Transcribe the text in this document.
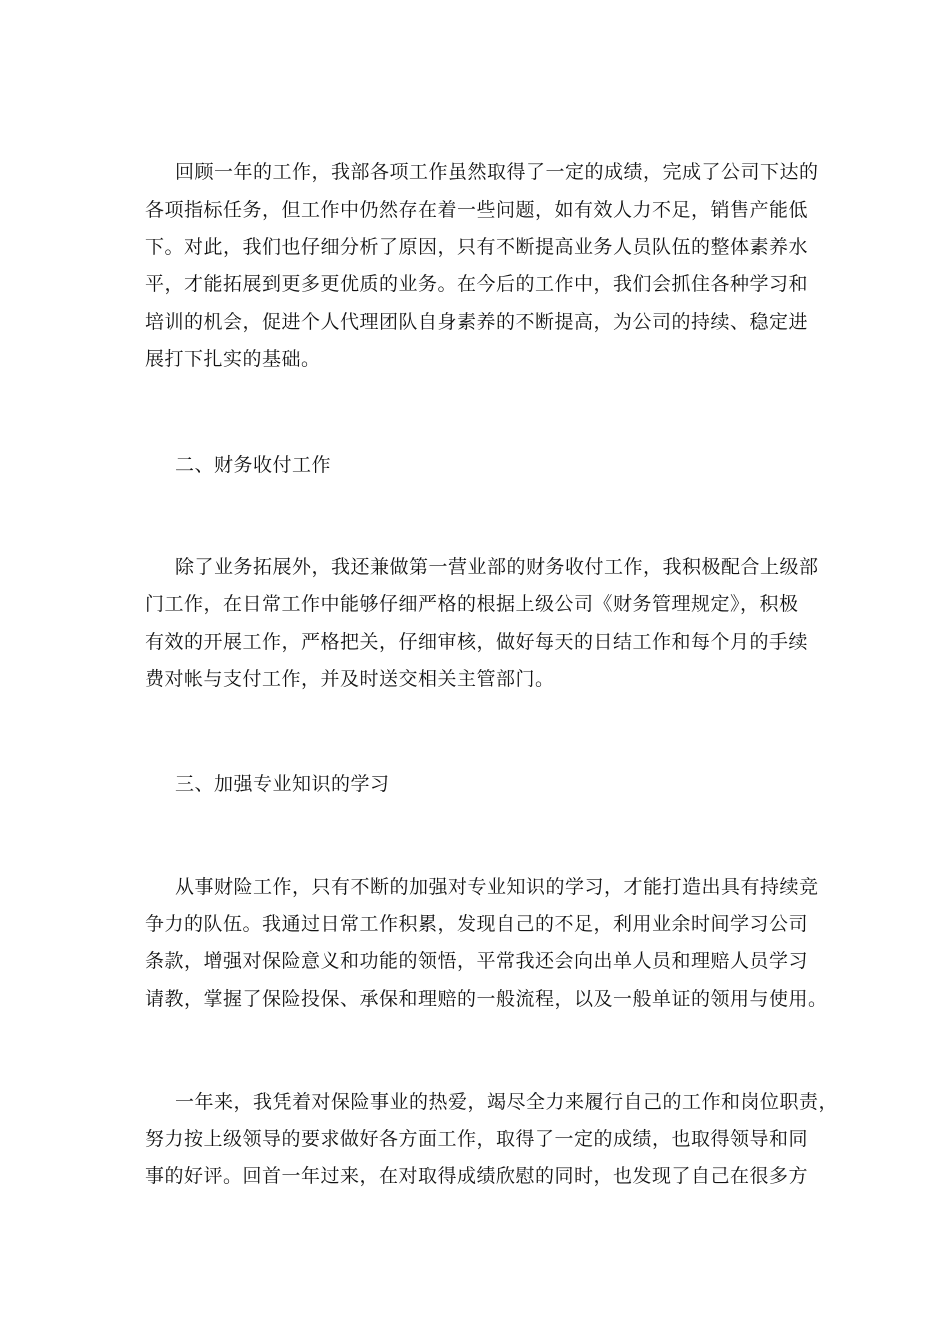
回顾一年的工作，我部各项工作虽然取得了一定的成绩，完成了公司下达的
各项指标任务，但工作中仍然存在着一些问题，如有效人力不足，销售产能低
下。对此，我们也仔细分析了原因，只有不断提高业务人员队伍的整体素养水
平，才能拓展到更多更优质的业务。在今后的工作中，我们会抓住各种学习和
培训的机会，促进个人代理团队自身素养的不断提高，为公司的持续、稳定进
展打下扎实的基础。
二、财务收付工作
除了业务拓展外，我还兼做第一营业部的财务收付工作，我积极配合上级部
门工作，在日常工作中能够仔细严格的根据上级公司《财务管理规定》，积极
有效的开展工作，严格把关，仔细审核，做好每天的日结工作和每个月的手续
费对帐与支付工作，并及时送交相关主管部门。
三、加强专业知识的学习
从事财险工作，只有不断的加强对专业知识的学习，才能打造出具有持续竞
争力的队伍。我通过日常工作积累，发现自己的不足，利用业余时间学习公司
条款，增强对保险意义和功能的领悟，平常我还会向出单人员和理赔人员学习
请教，掌握了保险投保、承保和理赔的一般流程，以及一般单证的领用与使用。
一年来，我凭着对保险事业的热爱，竭尽全力来履行自己的工作和岗位职责，
努力按上级领导的要求做好各方面工作，取得了一定的成绩，也取得领导和同
事的好评。回首一年过来，在对取得成绩欣慰的同时，也发现了自己在很多方
